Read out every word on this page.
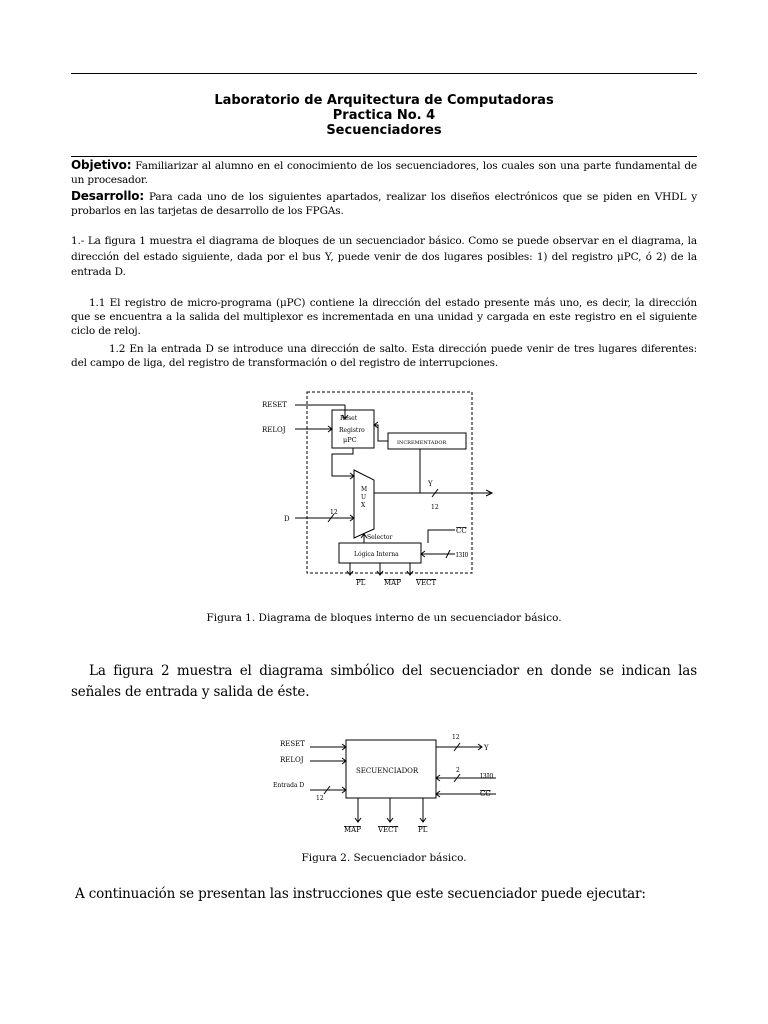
Laboratorio de Arquitectura de Computadoras
Practica No. 4
Secuenciadores
Objetivo: Familiarizar al alumno en el conocimiento de los secuenciadores, los cuales son una parte fundamental de un procesador.
Desarrollo: Para cada uno de los siguientes apartados, realizar los diseños electrónicos que se piden en VHDL y probarlos en las tarjetas de desarrollo de los FPGAs.
1.- La figura 1 muestra el diagrama de bloques de un secuenciador básico. Como se puede observar en el diagrama, la dirección del estado siguiente, dada por el bus Y, puede venir de dos lugares posibles: 1) del registro μPC, ó 2) de la entrada D.
1.1 El registro de micro-programa (μPC) contiene la dirección del estado presente más uno, es decir, la dirección que se encuentra a la salida del multiplexor es incrementada en una unidad y cargada en este registro en el siguiente ciclo de reloj.
1.2 En la entrada D se introduce una dirección de salto. Esta dirección puede venir de tres lugares diferentes: del campo de liga, del registro de transformación o del registro de interrupciones.
RESET
RELOJ
D
Reset
Registro
μPC	INCREMENTADOR
M
U
X
Y
12
12
Selector
Lógica Interna
CC
I3I0
PL	MAP VECT
Figura 1. Diagrama de bloques interno de un secuenciador básico.
La figura 2 muestra el diagrama simbólico del secuenciador en donde se indican las señales de entrada y salida de éste.
RESET
RELOJ
Entrada D
12
SECUENCIADOR
12
Y
2
I3I0
CC
MAP VECT	PL
Figura 2. Secuenciador básico.
A continuación se presentan las instrucciones que este secuenciador puede ejecutar:
